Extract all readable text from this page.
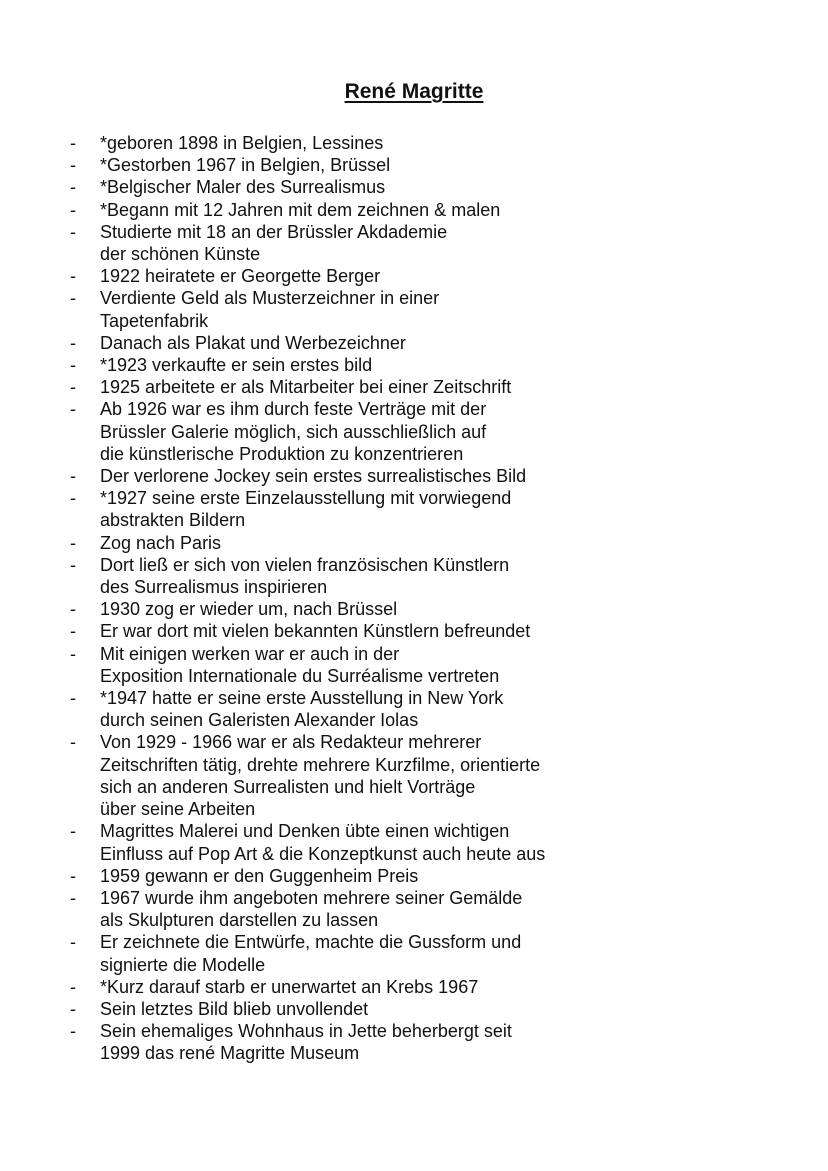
René Magritte
-	*geboren 1898 in Belgien, Lessines
-	*Gestorben 1967 in Belgien, Brüssel
-	*Belgischer Maler des Surrealismus
-	*Begann mit 12 Jahren mit dem zeichnen & malen
-	Studierte mit 18 an der Brüssler Akdademie
der schönen Künste
-	1922 heiratete er Georgette Berger
-	Verdiente Geld als Musterzeichner in einer
Tapetenfabrik
-	Danach als Plakat und Werbezeichner
-	*1923 verkaufte er sein erstes bild
-	1925 arbeitete er als Mitarbeiter bei einer Zeitschrift
-	Ab 1926 war es ihm durch feste Verträge mit der
Brüssler Galerie möglich, sich ausschließlich auf
die künstlerische Produktion zu konzentrieren
-	Der verlorene Jockey sein erstes surrealistisches Bild
-	*1927 seine erste Einzelausstellung mit vorwiegend
abstrakten Bildern
-	Zog nach Paris
-	Dort ließ er sich von vielen französischen Künstlern
des Surrealismus inspirieren
-	1930 zog er wieder um, nach Brüssel
-	Er war dort mit vielen bekannten Künstlern befreundet
-	Mit einigen werken war er auch in der
Exposition Internationale du Surréalisme vertreten
-	*1947 hatte er seine erste Ausstellung in New York
durch seinen Galeristen Alexander Iolas
-	Von 1929 - 1966 war er als Redakteur mehrerer
Zeitschriften tätig, drehte mehrere Kurzfilme, orientierte
sich an anderen Surrealisten und hielt Vorträge
über seine Arbeiten
-	Magrittes Malerei und Denken übte einen wichtigen
Einfluss auf Pop Art & die Konzeptkunst auch heute aus
-	1959 gewann er den Guggenheim Preis
-	1967 wurde ihm angeboten mehrere seiner Gemälde
als Skulpturen darstellen zu lassen
-	Er zeichnete die Entwürfe, machte die Gussform und
signierte die Modelle
-	*Kurz darauf starb er unerwartet an Krebs 1967
-	Sein letztes Bild blieb unvollendet
-	Sein ehemaliges Wohnhaus in Jette beherbergt seit
1999 das rené Magritte Museum
